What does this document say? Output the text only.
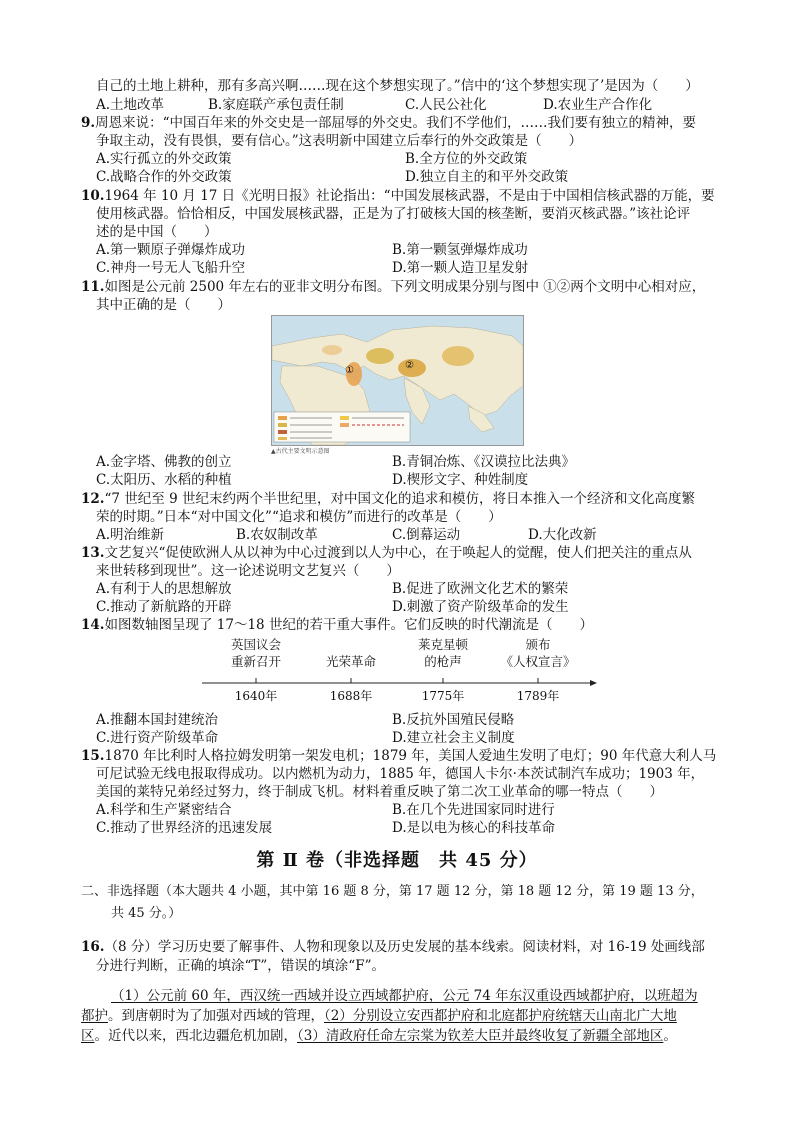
自己的土地上耕种，那有多高兴啊……现在这个梦想实现了。”信中的‘这个梦想实现了’是因为（　　）
A.土地改革	B.家庭联产承包责任制	C.人民公社化	D.农业生产合作化
9.周恩来说：“中国百年来的外交史是一部屈辱的外交史。我们不学他们，……我们要有独立的精神，要
争取主动，没有畏惧，要有信心。”这表明新中国建立后奉行的外交政策是（　　）
A.实行孤立的外交政策	B.全方位的外交政策
C.战略合作的外交政策	D.独立自主的和平外交政策
10.1964 年 10 月 17 日《光明日报》社论指出：“中国发展核武器，不是由于中国相信核武器的万能，要
使用核武器。恰恰相反，中国发展核武器，正是为了打破核大国的核垄断，要消灭核武器。”该社论评
述的是中国（　　）
A.第一颗原子弹爆炸成功	B.第一颗氢弹爆炸成功
C.神舟一号无人飞船升空	D.第一颗人造卫星发射
11.如图是公元前 2500 年左右的亚非文明分布图。下列文明成果分别与图中 ①②两个文明中心相对应，
其中正确的是（　　）
①	②
▲古代主要文明示意图
A.金字塔、佛教的创立	B.青铜冶炼、《汉谟拉比法典》
C.太阳历、水稻的种植	D.楔形文字、种姓制度
12.“7 世纪至 9 世纪末约两个半世纪里，对中国文化的追求和模仿，将日本推入一个经济和文化高度繁
荣的时期。”日本“对中国文化”“追求和模仿”而进行的改革是（　　）
A.明治维新	B.农奴制改革	C.倒幕运动	D.大化改新
13.文艺复兴“促使欧洲人从以神为中心过渡到以人为中心，在于唤起人的觉醒，使人们把关注的重点从
来世转移到现世”。这一论述说明文艺复兴（　　）
A.有利于人的思想解放	B.促进了欧洲文化艺术的繁荣
C.推动了新航路的开辟	D.刺激了资产阶级革命的发生
14.如图数轴图呈现了 17～18 世纪的若干重大事件。它们反映的时代潮流是（　　）
英国议会
重新召开	光荣革命
莱克星顿
的枪声
颁布
《人权宣言》
1640年	1688年	1775年	1789年
A.推翻本国封建统治	B.反抗外国殖民侵略
C.进行资产阶级革命	D.建立社会主义制度
15.1870 年比利时人格拉姆发明第一架发电机；1879 年，美国人爱迪生发明了电灯；90 年代意大利人马
可尼试验无线电报取得成功。以内燃机为动力，1885 年，德国人卡尔·本茨试制汽车成功；1903 年，
美国的莱特兄弟经过努力，终于制成飞机。材料着重反映了第二次工业革命的哪一特点（　　）
A.科学和生产紧密结合	B.在几个先进国家同时进行
C.推动了世界经济的迅速发展	D.是以电为核心的科技革命
第 Ⅱ 卷（非选择题　共 45 分）
二、非选择题（本大题共 4 小题，其中第 16 题 8 分，第 17 题 12 分，第 18 题 12 分，第 19 题 13 分，
共 45 分。）
16.（8 分）学习历史要了解事件、人物和现象以及历史发展的基本线索。阅读材料，对 16-19 处画线部
分进行判断，正确的填涂“T”，错误的填涂“F”。
（1）公元前 60 年，西汉统一西域并设立西域都护府，公元 74 年东汉重设西域都护府，以班超为
都护。到唐朝时为了加强对西域的管理，（2）分别设立安西都护府和北庭都护府统辖天山南北广大地
区。近代以来，西北边疆危机加剧，（3）清政府任命左宗棠为钦差大臣并最终收复了新疆全部地区。
